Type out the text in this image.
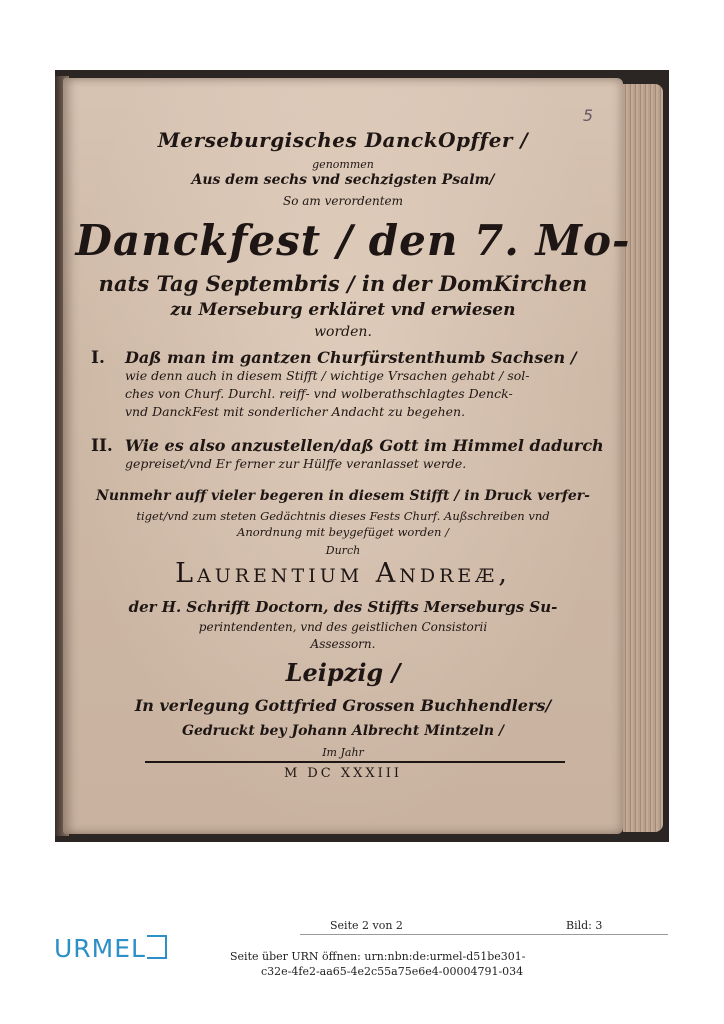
5
Merseburgisches DanckOpffer /
genommen
Aus dem sechs vnd sechzigsten Psalm/
So am verordentem
Danckfest / den 7. Mo-
nats Tag Septembris / in der DomKirchen
zu Merseburg erkläret vnd erwiesen
worden.
I.	Daß man im gantzen Churfürstenthumb Sachsen /
wie denn auch in diesem Stifft / wichtige Vrsachen gehabt / sol-
ches von Churf. Durchl. reiff- vnd wolberathschlagtes Denck-
vnd DanckFest mit sonderlicher Andacht zu begehen.
II. Wie es also anzustellen/daß Gott im Himmel dadurch
gepreiset/vnd Er ferner zur Hülffe veranlasset werde.
Nunmehr auff vieler begeren in diesem Stifft / in Druck verfer-
tiget/vnd zum steten Gedächtnis dieses Fests Churf. Außschreiben vnd
Anordnung mit beygefüget worden /
Durch
Laurentium Andreæ,
der H. Schrifft Doctorn, des Stiffts Merseburgs Su-
perintendenten, vnd des geistlichen Consistorii
Assessorn.
Leipzig /
In verlegung Gottfried Grossen Buchhendlers/
Gedruckt bey Johann Albrecht Mintzeln /
Im Jahr
M DC XXXIII
Seite 2 von 2	Bild: 3
URMEL	Seite über URN öffnen: urn:nbn:de:urmel-d51be301-
c32e-4fe2-aa65-4e2c55a75e6e4-00004791-034
